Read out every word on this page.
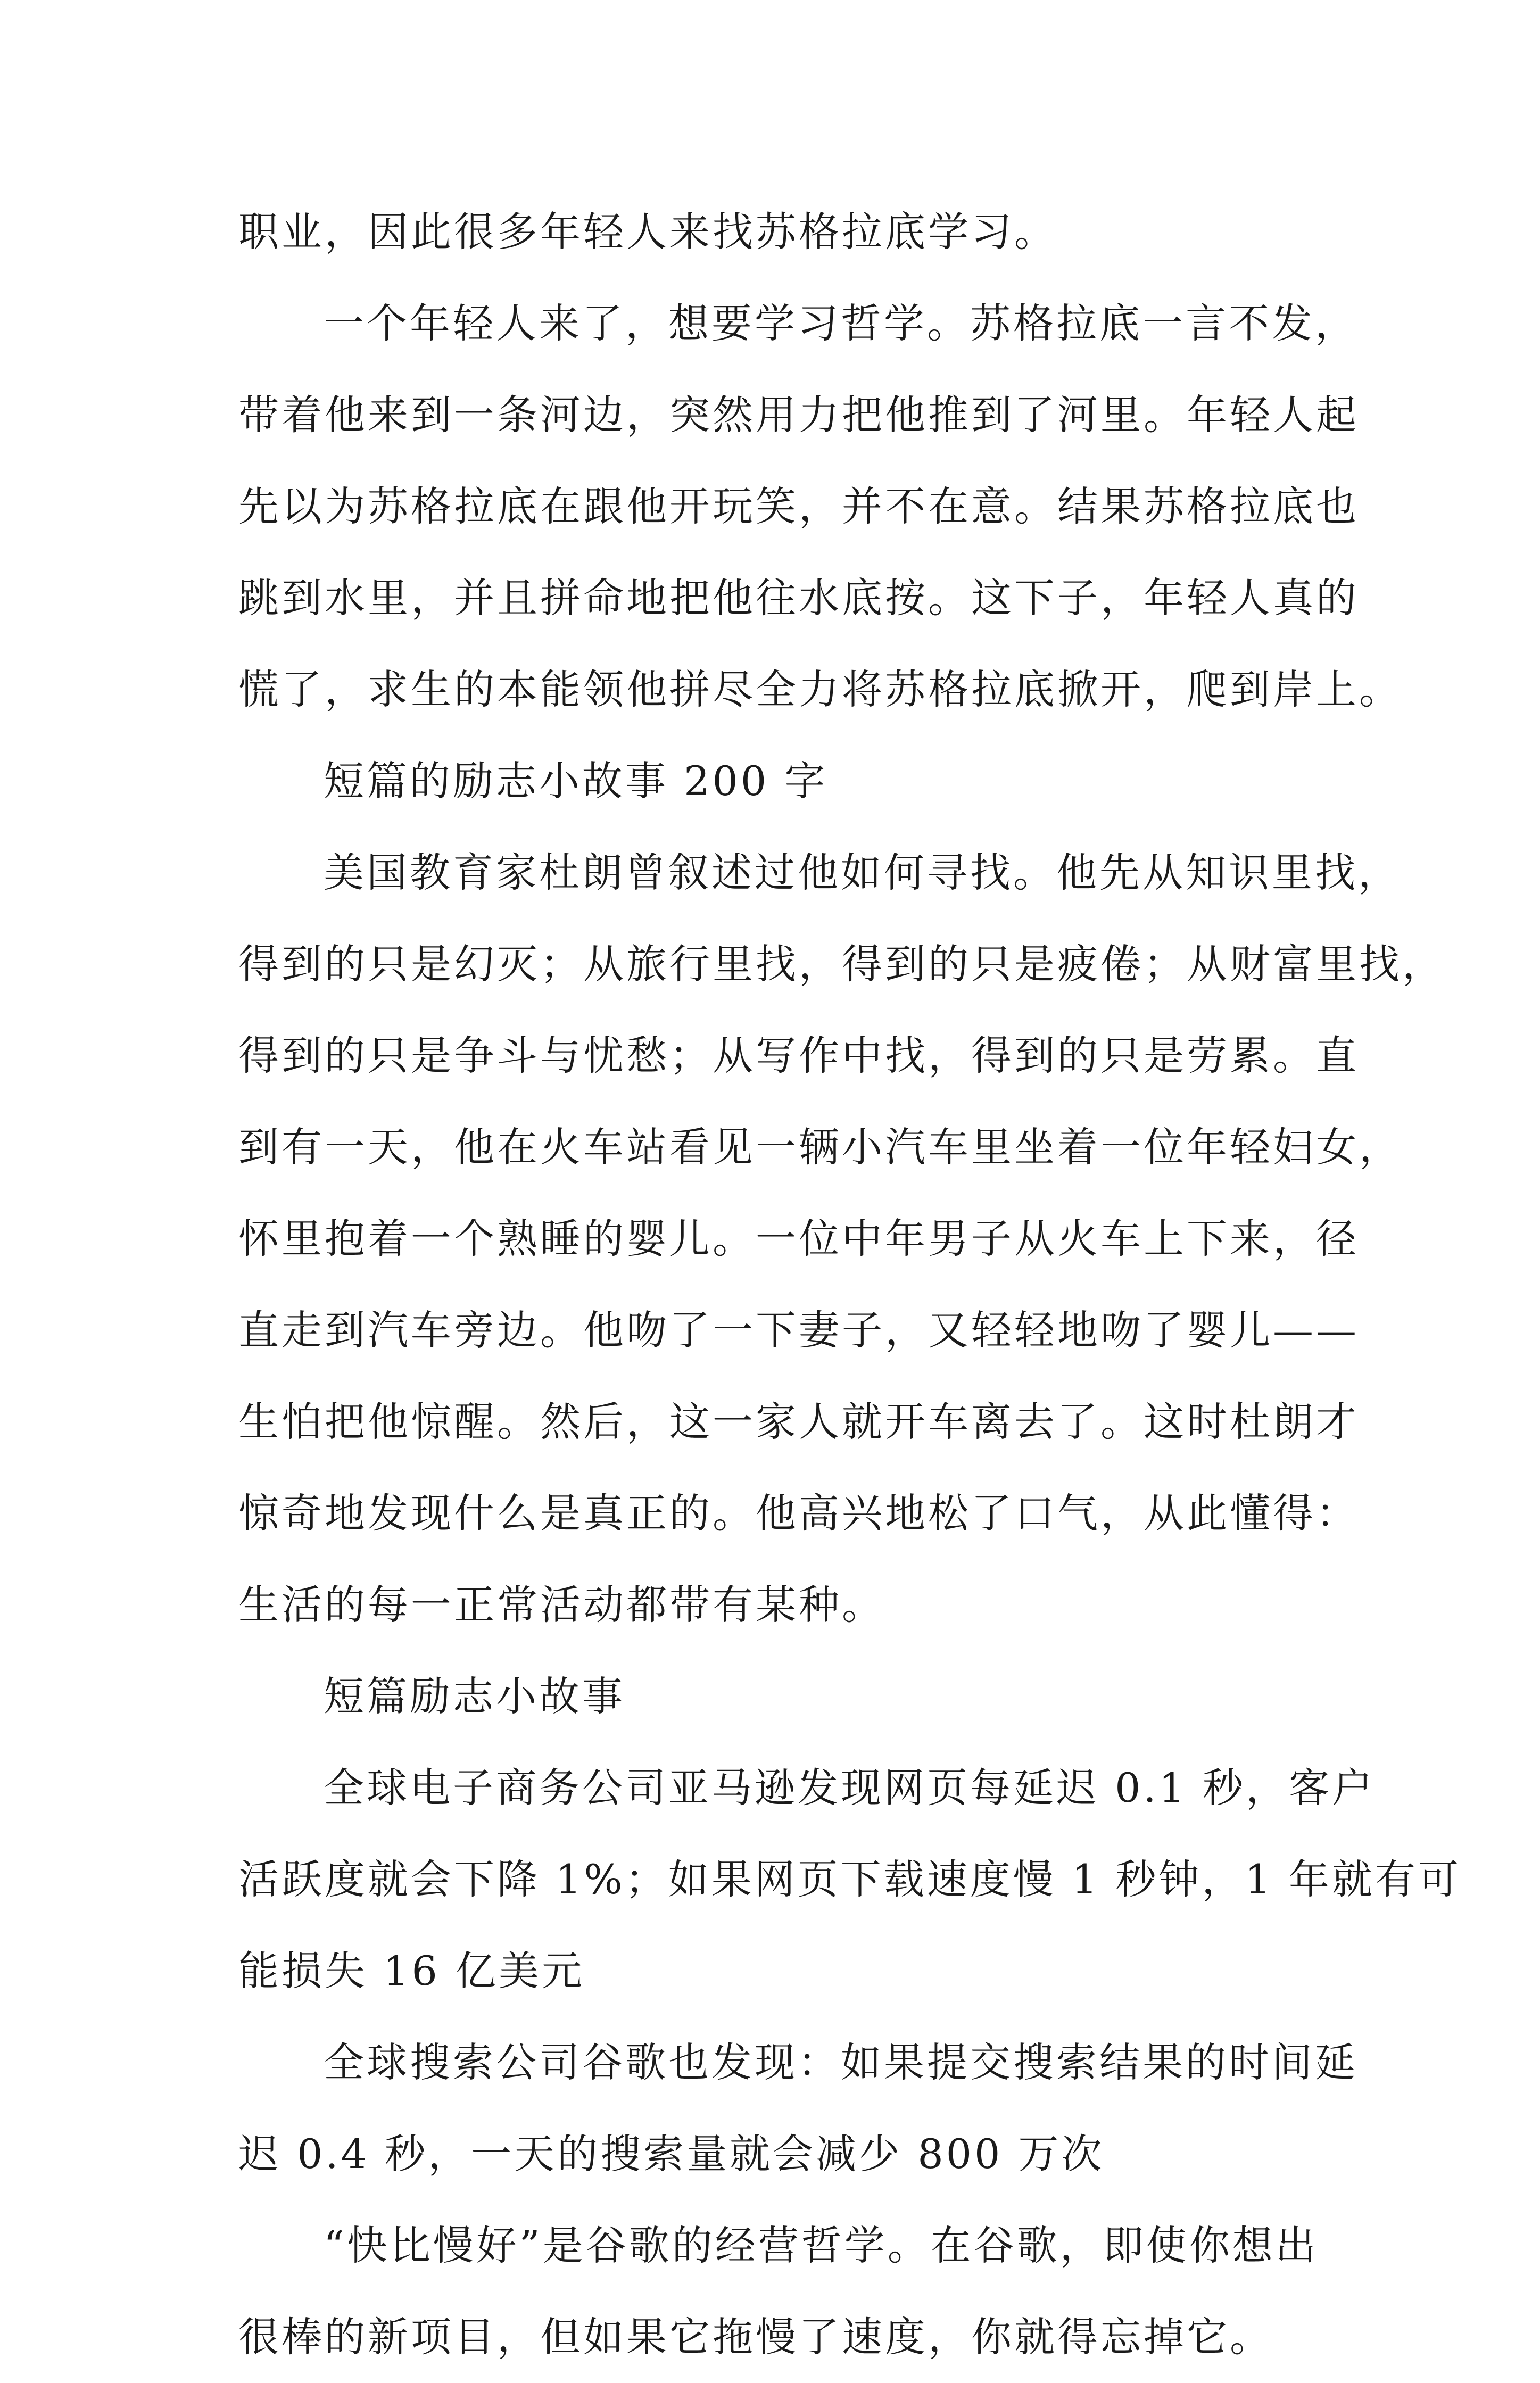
职业，因此很多年轻人来找苏格拉底学习。
一个年轻人来了，想要学习哲学。苏格拉底一言不发，
带着他来到一条河边，突然用力把他推到了河里。年轻人起
先以为苏格拉底在跟他开玩笑，并不在意。结果苏格拉底也
跳到水里，并且拼命地把他往水底按。这下子，年轻人真的
慌了，求生的本能领他拼尽全力将苏格拉底掀开，爬到岸上。
短篇的励志小故事 200 字
美国教育家杜朗曾叙述过他如何寻找。他先从知识里找，
得到的只是幻灭；从旅行里找，得到的只是疲倦；从财富里找，
得到的只是争斗与忧愁；从写作中找，得到的只是劳累。直
到有一天，他在火车站看见一辆小汽车里坐着一位年轻妇女，
怀里抱着一个熟睡的婴儿。一位中年男子从火车上下来，径
直走到汽车旁边。他吻了一下妻子，又轻轻地吻了婴儿——
生怕把他惊醒。然后，这一家人就开车离去了。这时杜朗才
惊奇地发现什么是真正的。他高兴地松了口气，从此懂得：
生活的每一正常活动都带有某种。
短篇励志小故事
全球电子商务公司亚马逊发现网页每延迟 0.1 秒，客户
活跃度就会下降 1%；如果网页下载速度慢 1 秒钟，1 年就有可
能损失 16 亿美元
全球搜索公司谷歌也发现：如果提交搜索结果的时间延
迟 0.4 秒，一天的搜索量就会减少 800 万次
“快比慢好”是谷歌的经营哲学。在谷歌，即使你想出
很棒的新项目，但如果它拖慢了速度，你就得忘掉它。
